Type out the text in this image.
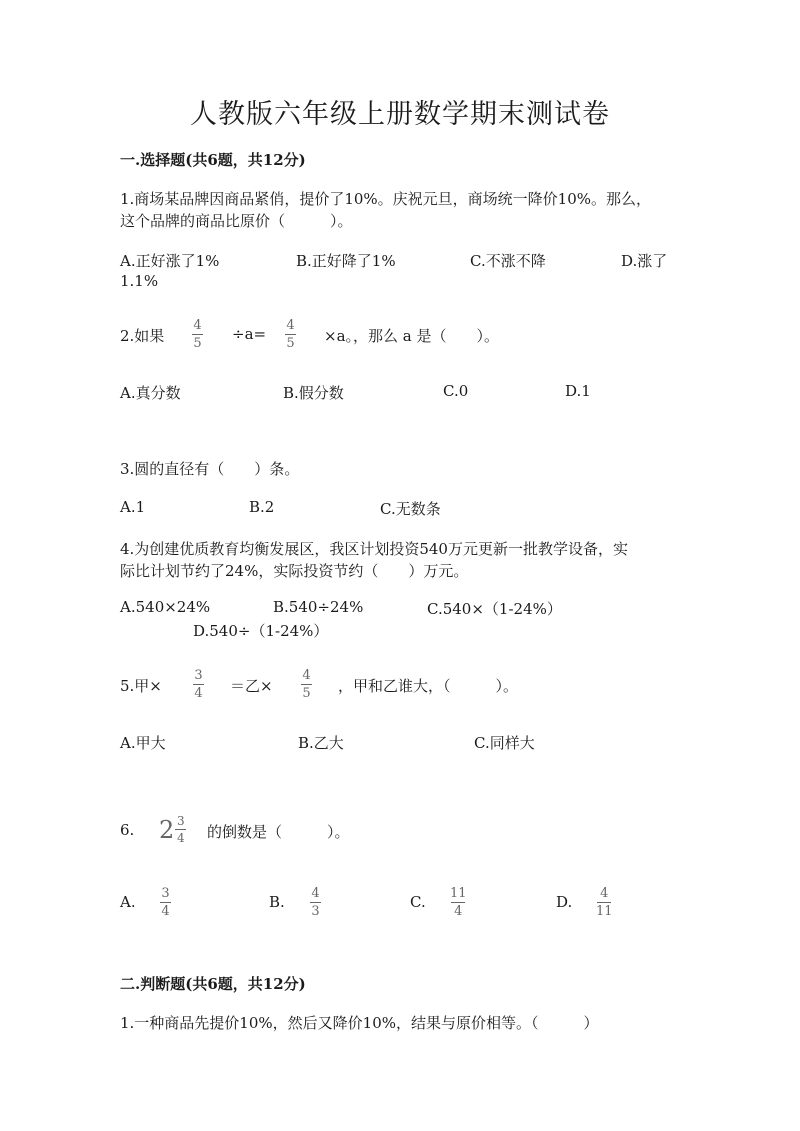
人教版六年级上册数学期末测试卷
一.选择题(共6题，共12分)
1.商场某品牌因商品紧俏，提价了10%。庆祝元旦，商场统一降价10%。那么，
这个品牌的商品比原价（　　　）。
A.正好涨了1%	B.正好降了1%	C.不涨不降	D.涨了
1.1%
2.如果
4
5
÷a= 4
5 ×a。，那么 a 是（　　）。
A.真分数	B.假分数	C.0	D.1
3.圆的直径有（　　）条。
A.1	B.2	C.无数条
4.为创建优质教育均衡发展区，我区计划投资540万元更新一批教学设备，实
际比计划节约了24%，实际投资节约（　　）万元。
A.540×24%	B.540÷24%	C.540×（1-24%）
D.540÷（1-24%）
5.甲×
3
4 ＝乙×
4
5 ，甲和乙谁大，（　　　）。
A.甲大	B.乙大	C.同样大
6. $2 \frac{3}{4}$ 的倒数是（　　　）。
A. 3
4
B. 4
3
C. 11
4
D. 4
11
二.判断题(共6题，共12分)
1.一种商品先提价10%，然后又降价10%，结果与原价相等。（　　　）
